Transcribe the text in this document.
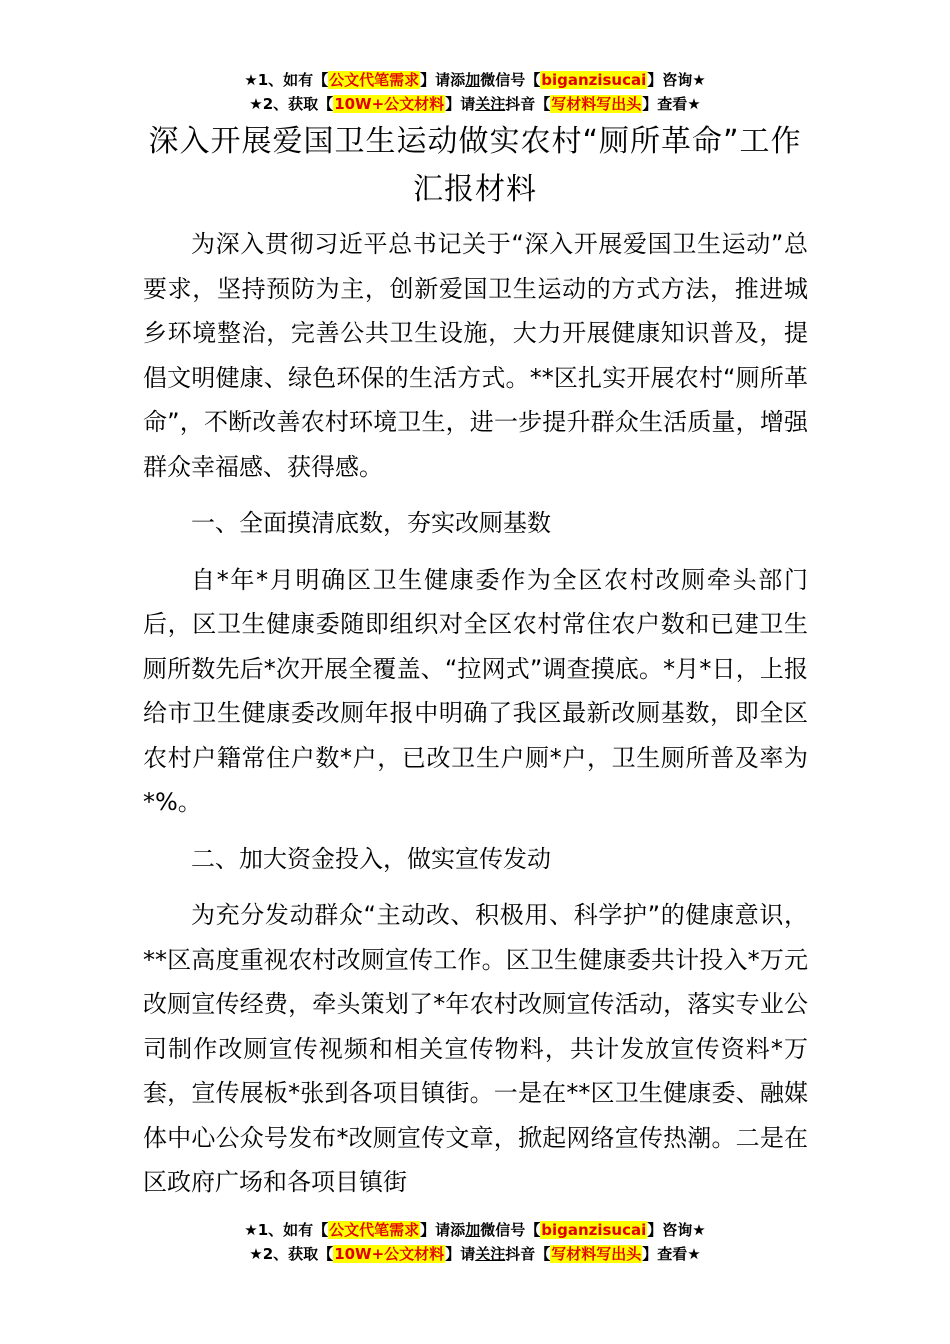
★1、如有【公文代笔需求】请添加微信号【biganzisucai】咨询★
★2、获取【10W+公文材料】请关注抖音【写材料写出头】查看★
深入开展爱国卫生运动做实农村“厕所革命”工作汇报材料

为深入贯彻习近平总书记关于“深入开展爱国卫生运动”总要求，坚持预防为主，创新爱国卫生运动的方式方法，推进城乡环境整治，完善公共卫生设施，大力开展健康知识普及，提倡文明健康、绿色环保的生活方式。**区扎实开展农村“厕所革命”，不断改善农村环境卫生，进一步提升群众生活质量，增强群众幸福感、获得感。

一、全面摸清底数，夯实改厕基数

自*年*月明确区卫生健康委作为全区农村改厕牵头部门后，区卫生健康委随即组织对全区农村常住农户数和已建卫生厕所数先后*次开展全覆盖、“拉网式”调查摸底。*月*日，上报给市卫生健康委改厕年报中明确了我区最新改厕基数，即全区农村户籍常住户数*户，已改卫生户厕*户，卫生厕所普及率为*%。

二、加大资金投入，做实宣传发动

为充分发动群众“主动改、积极用、科学护”的健康意识，**区高度重视农村改厕宣传工作。区卫生健康委共计投入*万元改厕宣传经费，牵头策划了*年农村改厕宣传活动，落实专业公司制作改厕宣传视频和相关宣传物料，共计发放宣传资料*万套，宣传展板*张到各项目镇街。一是在**区卫生健康委、融媒体中心公众号发布*改厕宣传文章，掀起网络宣传热潮。二是在区政府广场和各项目镇街

★1、如有【公文代笔需求】请添加微信号【biganzisucai】咨询★
★2、获取【10W+公文材料】请关注抖音【写材料写出头】查看★
